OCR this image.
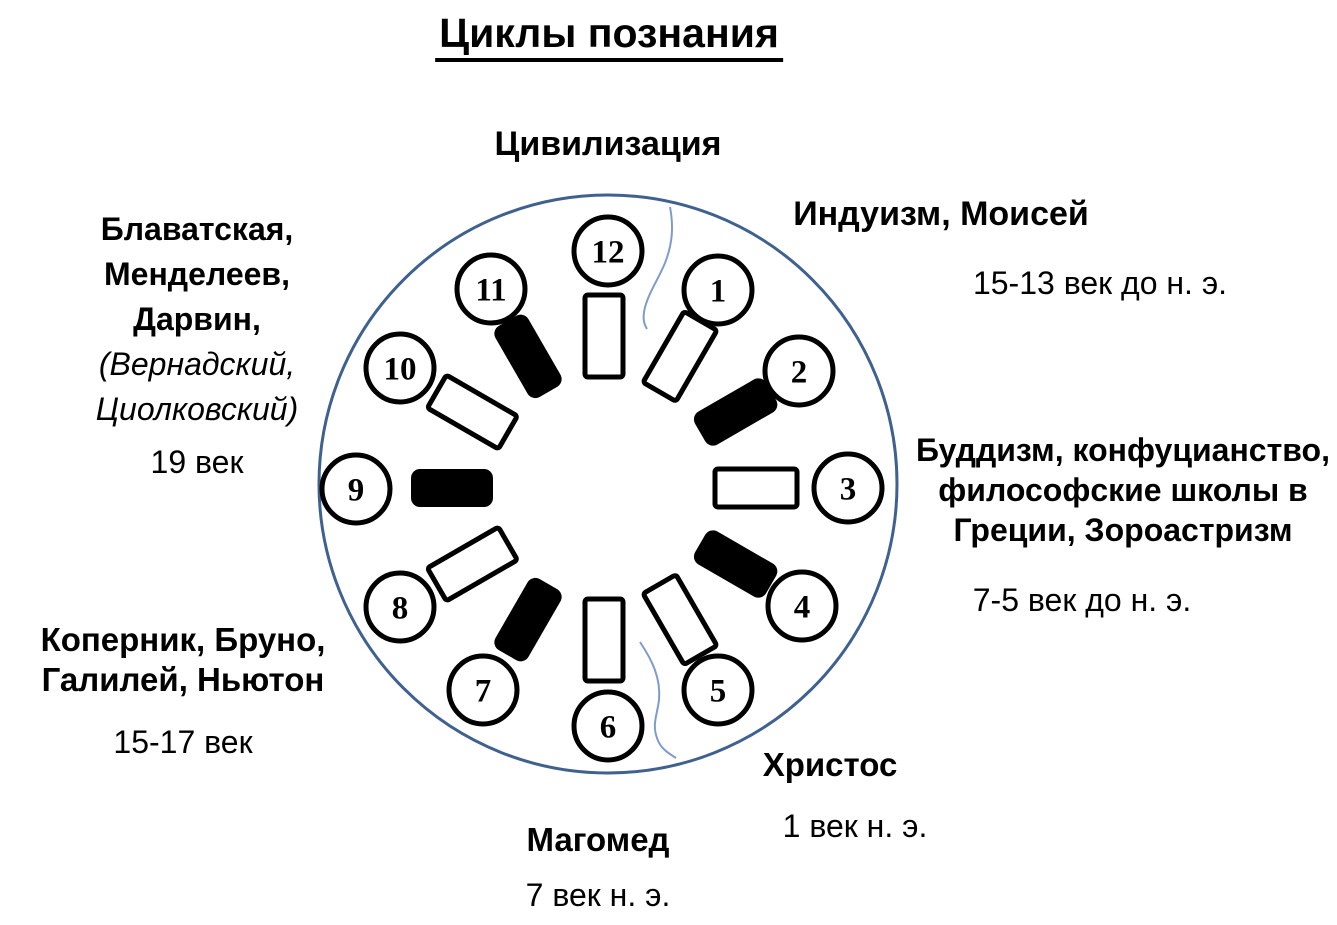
Циклы познания
12
1
2
3
4
5
6
7
8
9
10
11
Цивилизация
Индуизм, Моисей
15-13 век до н. э.
Буддизм, конфуцианство,
философские школы в
Греции, Зороастризм
7-5 век до н. э.
Христос
1 век н. э.
Магомед
7 век н. э.
Коперник, Бруно,
Галилей, Ньютон
15-17 век
Блаватская,
Менделеев,
Дарвин,
(Вернадский,
Циолковский)
19 век
